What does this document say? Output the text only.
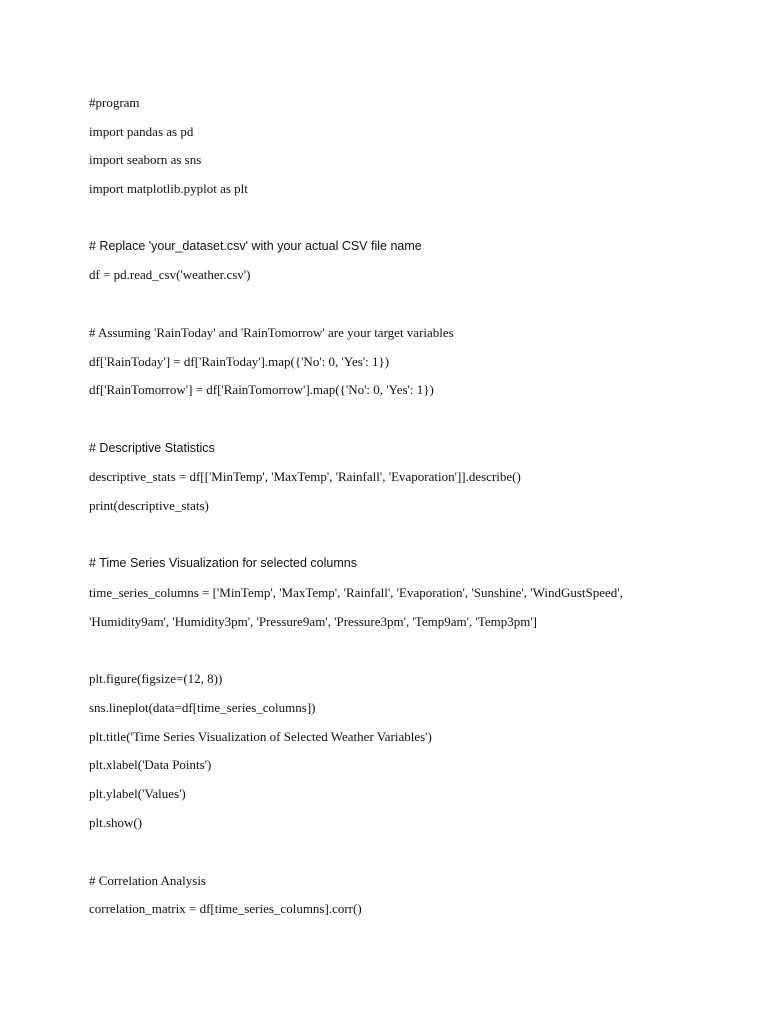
#program
import pandas as pd
import seaborn as sns
import matplotlib.pyplot as plt
# Replace 'your_dataset.csv' with your actual CSV file name
df = pd.read_csv('weather.csv')
# Assuming 'RainToday' and 'RainTomorrow' are your target variables
df['RainToday'] = df['RainToday'].map({'No': 0, 'Yes': 1})
df['RainTomorrow'] = df['RainTomorrow'].map({'No': 0, 'Yes': 1})
# Descriptive Statistics
descriptive_stats = df[['MinTemp', 'MaxTemp', 'Rainfall', 'Evaporation']].describe()
print(descriptive_stats)
# Time Series Visualization for selected columns
time_series_columns = ['MinTemp', 'MaxTemp', 'Rainfall', 'Evaporation', 'Sunshine', 'WindGustSpeed',
'Humidity9am', 'Humidity3pm', 'Pressure9am', 'Pressure3pm', 'Temp9am', 'Temp3pm']
plt.figure(figsize=(12, 8))
sns.lineplot(data=df[time_series_columns])
plt.title('Time Series Visualization of Selected Weather Variables')
plt.xlabel('Data Points')
plt.ylabel('Values')
plt.show()
# Correlation Analysis
correlation_matrix = df[time_series_columns].corr()
